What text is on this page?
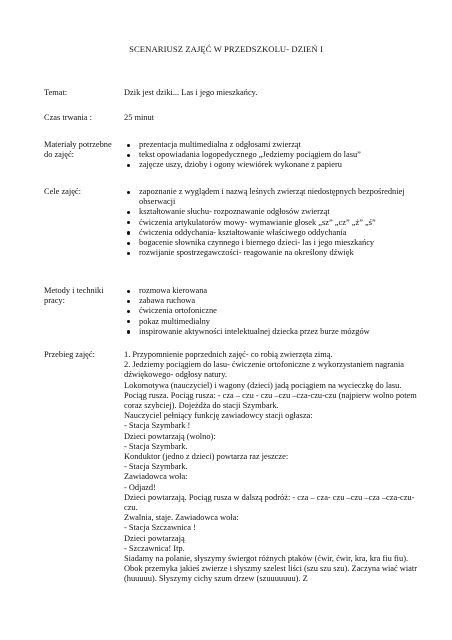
SCENARIUSZ ZAJĘĆ W PRZEDSZKOLU- DZIEŃ I
Temat:	Dzik jest dziki... Las i jego mieszkańcy.
Czas trwania :	25 minut
Materiały potrzebne
do zajęć:
prezentacja multimedialna z odgłosami zwierząt
tekst opowiadania logopedycznego „Jedziemy pociągiem do lasu”
zajęcze uszy, dzioby i ogony wiewiórek wykonane z papieru
Cele zajęć:	zapoznanie z wyglądem i nazwą leśnych zwierząt niedostępnych bezpośredniej obserwacji
kształtowanie słuchu- rozpoznawanie odgłosów zwierząt
ćwiczenia artykulatorów mowy- wymawianie głosek „sz” „cz” „ż” „ś”
ćwiczenia oddychania- kształtowanie właściwego oddychania
bogacenie słownika czynnego i biernego dzieci- las i jego mieszkańcy
rozwijanie spostrzegawczości- reagowanie na określony dźwięk
Metody i techniki
pracy:
rozmowa kierowana
zabawa ruchowa
ćwiczenia ortofoniczne
pokaz multimedialny
inspirowanie aktywności intelektualnej dziecka przez burze mózgów
Przebieg zajęć:	1. Przypomnienie poprzednich zajęć- co robią zwierzęta zimą.

2. Jedziemy pociągiem do lasu- ćwiczenie ortofoniczne z wykorzystaniem nagrania dźwiękowego- odgłosy natury.

Lokomotywa (nauczyciel) i wagony (dzieci) jadą pociągiem na wycieczkę do lasu. Pociąg rusza. Pociąg rusza: - cza – czu - czu –czu –cza-czu-czu (najpierw wolno potem coraz szybciej). Dojeżdża do stacji Szymbark.

Nauczyciel pełniący funkcję zawiadowcy stacji ogłasza:

- Stacja Szymbark !

Dzieci powtarzają (wolno):

- Stacja Szymbark.

Konduktor (jedno z dzieci) powtarza raz jeszcze:

- Stacja Szymbark.

Zawiadowca woła:

- Odjazd!

Dzieci powtarzają. Pociąg rusza w dalszą podróż: - cza – cza- czu –czu –cza –cza-czu-czu.

Zwalnia, staje. Zawiadowca woła:

- Stacja Szczawnica !

Dzieci powtarzają

- Szczawnica! Itp.

Siadamy na polanie, słyszymy świergot różnych ptaków (ćwir, ćwir, kra, kra fiu fiu). Obok przemyka jakieś zwierze i słyszmy szelest liści (szu szu szu). Zaczyna wiać wiatr (huuuuu). Słyszymy cichy szum drzew (szuuuuuuu). Z
